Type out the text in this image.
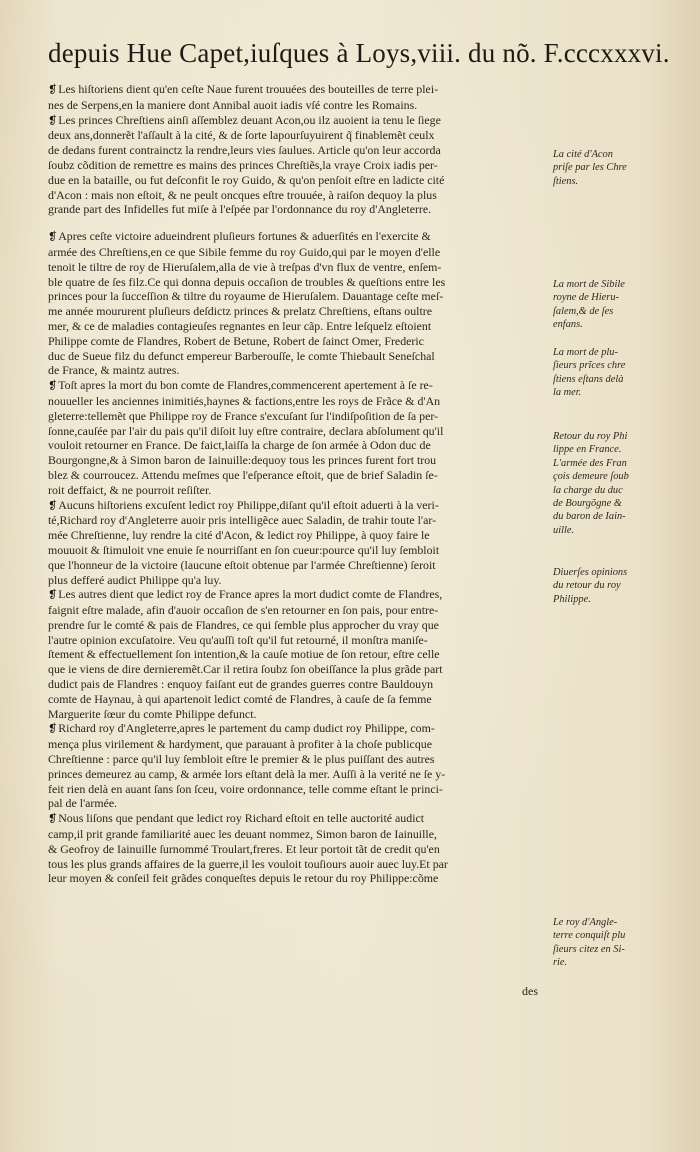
depuis Hue Capet,iuſques à Loys,viii. du nõ. F.cccxxxvi.
❡Les hiſtoriens dient qu'en ceſte Naue furent trouuées des bouteilles de terre plei-
nes de Serpens,en la maniere dont Annibal auoit iadis vſé contre les Romains.
❡Les princes Chreſtiens ainſi aſſemblez deuant Acon,ou ilz auoient ia tenu le ſiege
deux ans,donnerẽt l'aſſault à la cité, & de ſorte lapourſuyuirent q̃ finablemẽt ceulx
de dedans furent contrainctz la rendre,leurs vies ſaulues. Article qu'on leur accorda
ſoubz cõdition de remettre es mains des princes Chreſtiẽs,la vraye Croix iadis per-
due en la bataille, ou fut deſconfit le roy Guido, & qu'on penſoit eſtre en ladicte cité
d'Acon : mais non eſtoit, & ne peult oncques eſtre trouuée, à raiſon dequoy la plus
grande part des Infidelles fut miſe à l'eſpée par l'ordonnance du roy d'Angleterre.
❡Apres ceſte victoire adueindrent pluſieurs fortunes & aduerſités en l'exercite &
armée des Chreſtiens,en ce que Sibile femme du roy Guido,qui par le moyen d'elle
tenoit le tiltre de roy de Hieruſalem,alla de vie à treſpas d'vn flux de ventre, enſem-
ble quatre de ſes filz.Ce qui donna depuis occaſion de troubles & queſtions entre les
princes pour la ſucceſſion & tiltre du royaume de Hieruſalem. Dauantage ceſte meſ-
me année moururent pluſieurs deſdictz princes & prelatz Chreſtiens, eſtans oultre
mer, & ce de maladies contagieuſes regnantes en leur cãp. Entre leſquelz eſtoient
Philippe comte de Flandres, Robert de Betune, Robert de ſainct Omer, Frederic
duc de Sueue filz du defunct empereur Barberouſſe, le comte Thiebault Seneſchal
de France, & maintz autres.
❡Toſt apres la mort du bon comte de Flandres,commencerent apertement à ſe re-
nouueller les anciennes inimitiés,haynes & factions,entre les roys de Frãce & d'An
gleterre:tellemẽt que Philippe roy de France s'excuſant ſur l'indiſpoſition de ſa per-
ſonne,cauſée par l'air du pais qu'il diſoit luy eſtre contraire, declara abſolument qu'il
vouloit retourner en France. De faict,laiſſa la charge de ſon armée à Odon duc de
Bourgongne,& à Simon baron de Iainuille:dequoy tous les princes furent fort trou
blez & courroucez. Attendu meſmes que l'eſperance eſtoit, que de brief Saladin ſe-
roit deffaict, & ne pourroit reſiſter.
❡Aucuns hiſtoriens excuſent ledict roy Philippe,diſant qu'il eſtoit aduerti à la veri-
té,Richard roy d'Angleterre auoir pris intelligẽce auec Saladin, de trahir toute l'ar-
mée Chreſtienne, luy rendre la cité d'Acon, & ledict roy Philippe, à quoy faire le
mouuoit & ſtimuloit vne enuie ſe nourriſſant en ſon cueur:pource qu'il luy ſembloit
que l'honneur de la victoire (laucune eſtoit obtenue par l'armée Chreſtienne) ſeroit
plus defferé audict Philippe qu'a luy.
❡Les autres dient que ledict roy de France apres la mort dudict comte de Flandres,
faignit eſtre malade, afin d'auoir occaſion de s'en retourner en ſon pais, pour entre-
prendre ſur le comté & pais de Flandres, ce qui ſemble plus approcher du vray que
l'autre opinion excuſatoire. Veu qu'auſſi toſt qu'il fut retourné, il monſtra maniſe-
ſtement & effectuellement ſon intention,& la cauſe motiue de ſon retour, eſtre celle
que ie viens de dire dernieremẽt.Car il retira ſoubz ſon obeiſſance la plus grãde part
dudict pais de Flandres : enquoy faiſant eut de grandes guerres contre Bauldouyn
comte de Haynau, à qui apartenoit ledict comté de Flandres, à cauſe de ſa femme
Marguerite ſœur du comte Philippe defunct.
❡Richard roy d'Angleterre,apres le partement du camp dudict roy Philippe, com-
mença plus virilement & hardyment, que parauant à profiter à la choſe publicque
Chreſtienne : parce qu'il luy ſembloit eſtre le premier & le plus puiſſant des autres
princes demeurez au camp, & armée lors eſtant delà la mer. Auſſi à la verité ne ſe y-
feit rien delà en auant ſans ſon ſceu, voire ordonnance, telle comme eſtant le princi-
pal de l'armée.
❡Nous liſons que pendant que ledict roy Richard eſtoit en telle auctorité audict
camp,il prit grande familiarité auec les deuant nommez, Simon baron de Iainuille,
& Geofroy de Iainuille ſurnommé Troulart,freres. Et leur portoit tãt de credit qu'en
tous les plus grands affaires de la guerre,il les vouloit touſiours auoir auec luy.Et par
leur moyen & conſeil feit grãdes conqueſtes depuis le retour du roy Philippe:cõme
des
La cité d'Acon
priſe par les Chre
ſtiens.
La mort de Sibile
royne de Hieru-
ſalem,& de ſes
enfans.
La mort de plu-
ſieurs prĩces chre
ſtiens eſtans delà
la mer.
Retour du roy Phi
lippe en France.
L'armée des Fran
çois demeure ſoub
la charge du duc
de Bourgõgne &
du baron de Iain-
uille.
Diuerſes opinions
du retour du roy
Philippe.
Le roy d'Angle-
terre conquiſt plu
ſieurs citez en Si-
rie.
